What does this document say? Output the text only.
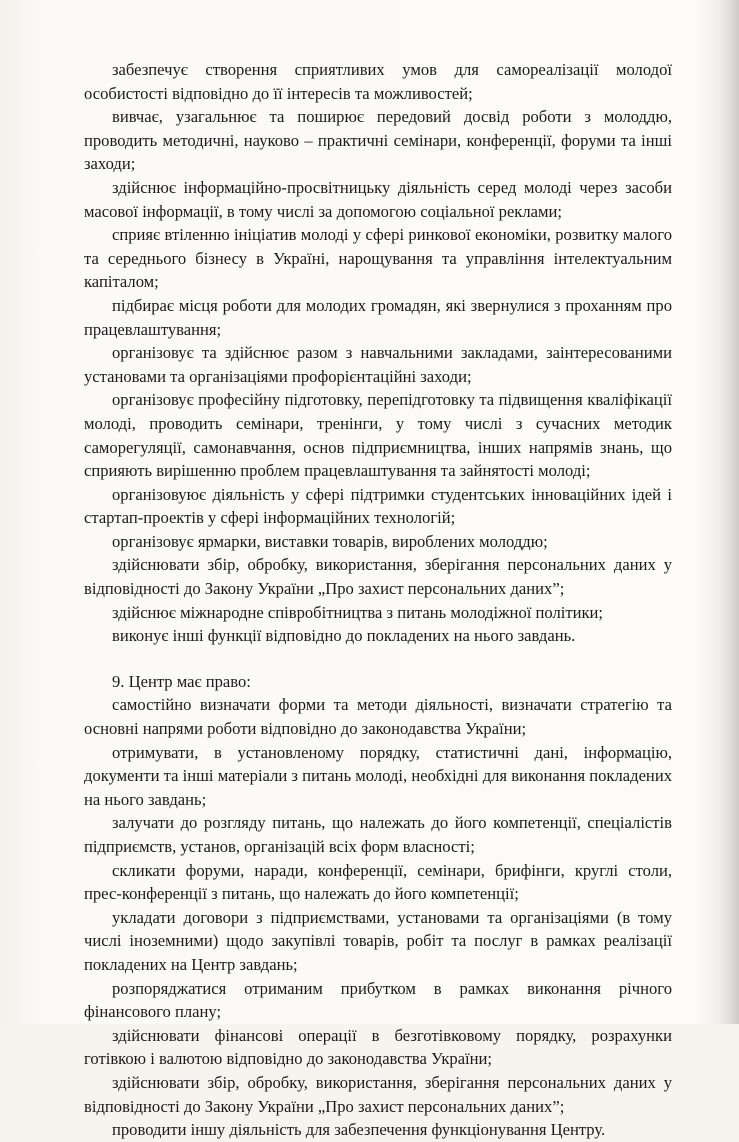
забезпечує створення сприятливих умов для самореалізації молодої особистості відповідно до її інтересів та можливостей;

вивчає, узагальнює та поширює передовий досвід роботи з молоддю, проводить методичні, науково – практичні семінари, конференції, форуми та інші заходи;

здійснює інформаційно-просвітницьку діяльність серед молоді через засоби масової інформації, в тому числі за допомогою соціальної реклами;

сприяє втіленню ініціатив молоді у сфері ринкової економіки, розвитку малого та середнього бізнесу в Україні, нарощування та управління інтелектуальним капіталом;

підбирає місця роботи для молодих громадян, які звернулися з проханням про працевлаштування;

організовує та здійснює разом з навчальними закладами, заінтересованими установами та організаціями профорієнтаційні заходи;

організовує професійну підготовку, перепідготовку та підвищення кваліфікації молоді, проводить семінари, тренінги, у тому числі з сучасних методик саморегуляції, самонавчання, основ підприємництва, інших напрямів знань, що сприяють вирішенню проблем працевлаштування та зайнятості молоді;

організовуює діяльність у сфері підтримки студентських інноваційних ідей і стартап-проектів у сфері інформаційних технологій;

організовує ярмарки, виставки товарів, вироблених молоддю;

здійснювати збір, обробку, використання, зберігання персональних даних у відповідності до Закону України „Про захист персональних даних”;

здійснює міжнародне співробітництва з питань молодіжної політики;

виконує інші функції відповідно до покладених на нього завдань.

9. Центр має право:

самостійно визначати форми та методи діяльності, визначати стратегію та основні напрями роботи відповідно до законодавства України;

отримувати, в установленому порядку, статистичні дані, інформацію, документи та інші матеріали з питань молоді, необхідні для виконання покладених на нього завдань;

залучати до розгляду питань, що належать до його компетенції, спеціалістів підприємств, установ, організацій всіх форм власності;

скликати форуми, наради, конференції, семінари, брифінги, круглі столи, прес-конференції з питань, що належать до його компетенції;

укладати договори з підприємствами, установами та організаціями (в тому числі іноземними) щодо закупівлі товарів, робіт та послуг в рамках реалізації покладених на Центр завдань;

розпоряджатися отриманим прибутком в рамках виконання річного фінансового плану;

здійснювати фінансові операції в безготівковому порядку, розрахунки готівкою і валютою відповідно до законодавства України;

здійснювати збір, обробку, використання, зберігання персональних даних у відповідності до Закону України „Про захист персональних даних”;

проводити іншу діяльність для забезпечення функціонування Центру.
